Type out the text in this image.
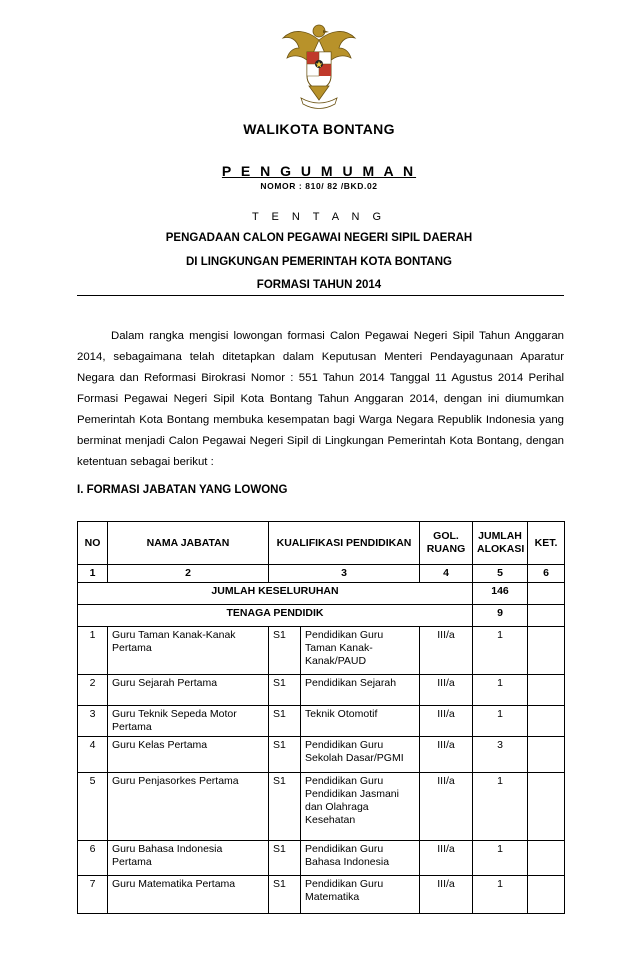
WALIKOTA BONTANG
P E N G U M U M A N
NOMOR : 810/ 82 /BKD.02
T E N T A N G
PENGADAAN CALON PEGAWAI NEGERI SIPIL DAERAH
DI LINGKUNGAN PEMERINTAH KOTA BONTANG
FORMASI TAHUN 2014

Dalam rangka mengisi lowongan formasi Calon Pegawai Negeri Sipil Tahun Anggaran 2014, sebagaimana telah ditetapkan dalam Keputusan Menteri Pendayagunaan Aparatur Negara dan Reformasi Birokrasi Nomor : 551 Tahun 2014 Tanggal 11 Agustus 2014 Perihal Formasi Pegawai Negeri Sipil Kota Bontang Tahun Anggaran 2014, dengan ini diumumkan Pemerintah Kota Bontang membuka kesempatan bagi Warga Negara Republik Indonesia yang berminat menjadi Calon Pegawai Negeri Sipil di Lingkungan Pemerintah Kota Bontang, dengan ketentuan sebagai berikut :

I. FORMASI JABATAN YANG LOWONG
NO	NAMA JABATAN	KUALIFIKASI PENDIDIKAN		GOL. RUANG	JUMLAH ALOKASI	KET.
1	2	3		4	5	6
JUMLAH KESELURUHAN					146	
TENAGA PENDIDIK					9	
1	Guru Taman Kanak-Kanak Pertama	S1	Pendidikan Guru Taman Kanak-Kanak/PAUD	III/a	1	
2	Guru Sejarah Pertama	S1	Pendidikan Sejarah	III/a	1	
3	Guru Teknik Sepeda Motor Pertama	S1	Teknik Otomotif	III/a	1	
4	Guru Kelas Pertama	S1	Pendidikan Guru Sekolah Dasar/PGMI	III/a	3	
5	Guru Penjasorkes Pertama	S1	Pendidikan Guru Pendidikan Jasmani dan Olahraga Kesehatan	III/a	1	
6	Guru Bahasa Indonesia Pertama	S1	Pendidikan Guru Bahasa Indonesia	III/a	1	
7	Guru Matematika Pertama	S1	Pendidikan Guru Matematika	III/a	1	
